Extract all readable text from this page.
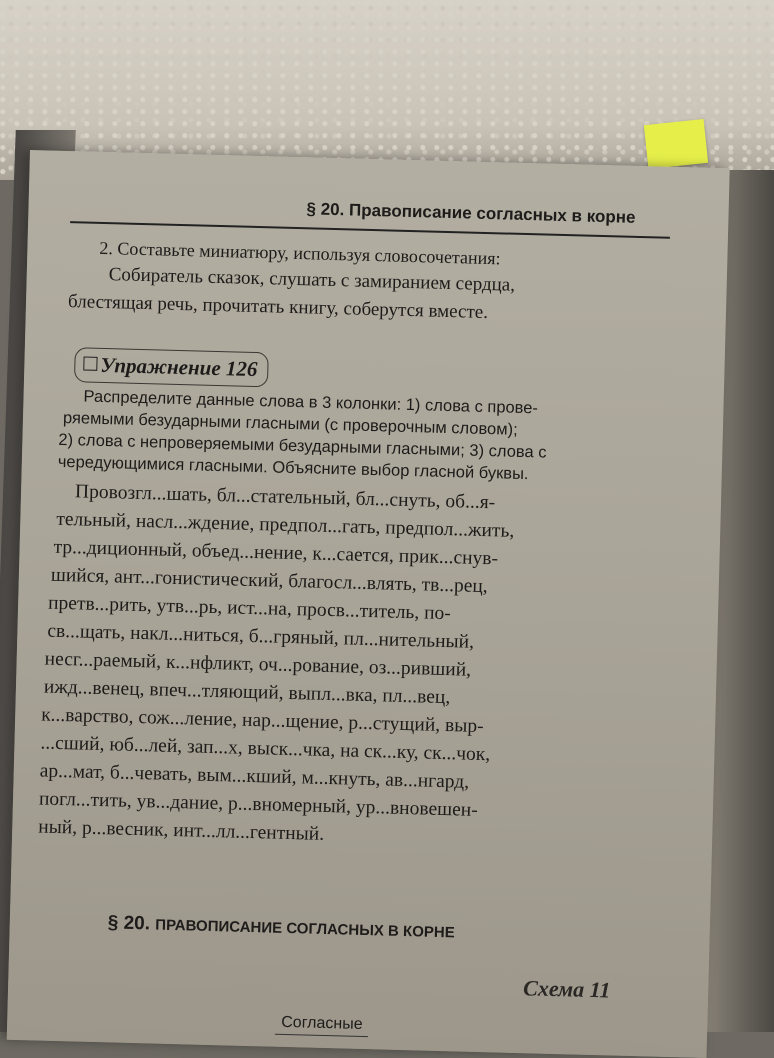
§ 20. Правописание согласных в корне
2. Составьте миниатюру, используя словосочетания:
Собиратель сказок, слушать с замиранием сердца,
блестящая речь, прочитать книгу, соберутся вместе.
Упражнение 126
Распределите данные слова в 3 колонки: 1) слова с прове-
ряемыми безударными гласными (с проверочным словом);
2) слова с непроверяемыми безударными гласными; 3) слова с
чередующимися гласными. Объясните выбор гласной буквы.
Провозгл...шать, бл...стательный, бл...снуть, об...я-
тельный, насл...ждение, предпол...гать, предпол...жить,
тр...диционный, объед...нение, к...сается, прик...снув-
шийся, ант...гонистический, благосл...влять, тв...рец,
претв...рить, утв...рь, ист...на, просв...титель, по-
св...щать, накл...ниться, б...гряный, пл...нительный,
несг...раемый, к...нфликт, оч...рование, оз...ривший,
ижд...венец, впеч...тляющий, выпл...вка, пл...вец,
к...варство, сож...ление, нар...щение, р...стущий, выр-
...сший, юб...лей, зап...х, выск...чка, на ск...ку, ск...чок,
ар...мат, б...чевать, вым...кший, м...кнуть, ав...нгард,
погл...тить, ув...дание, р...вномерный, ур...вновешен-
ный, р...весник, инт...лл...гентный.
§ 20. ПРАВОПИСАНИЕ СОГЛАСНЫХ В КОРНЕ
Схема 11
Согласные
